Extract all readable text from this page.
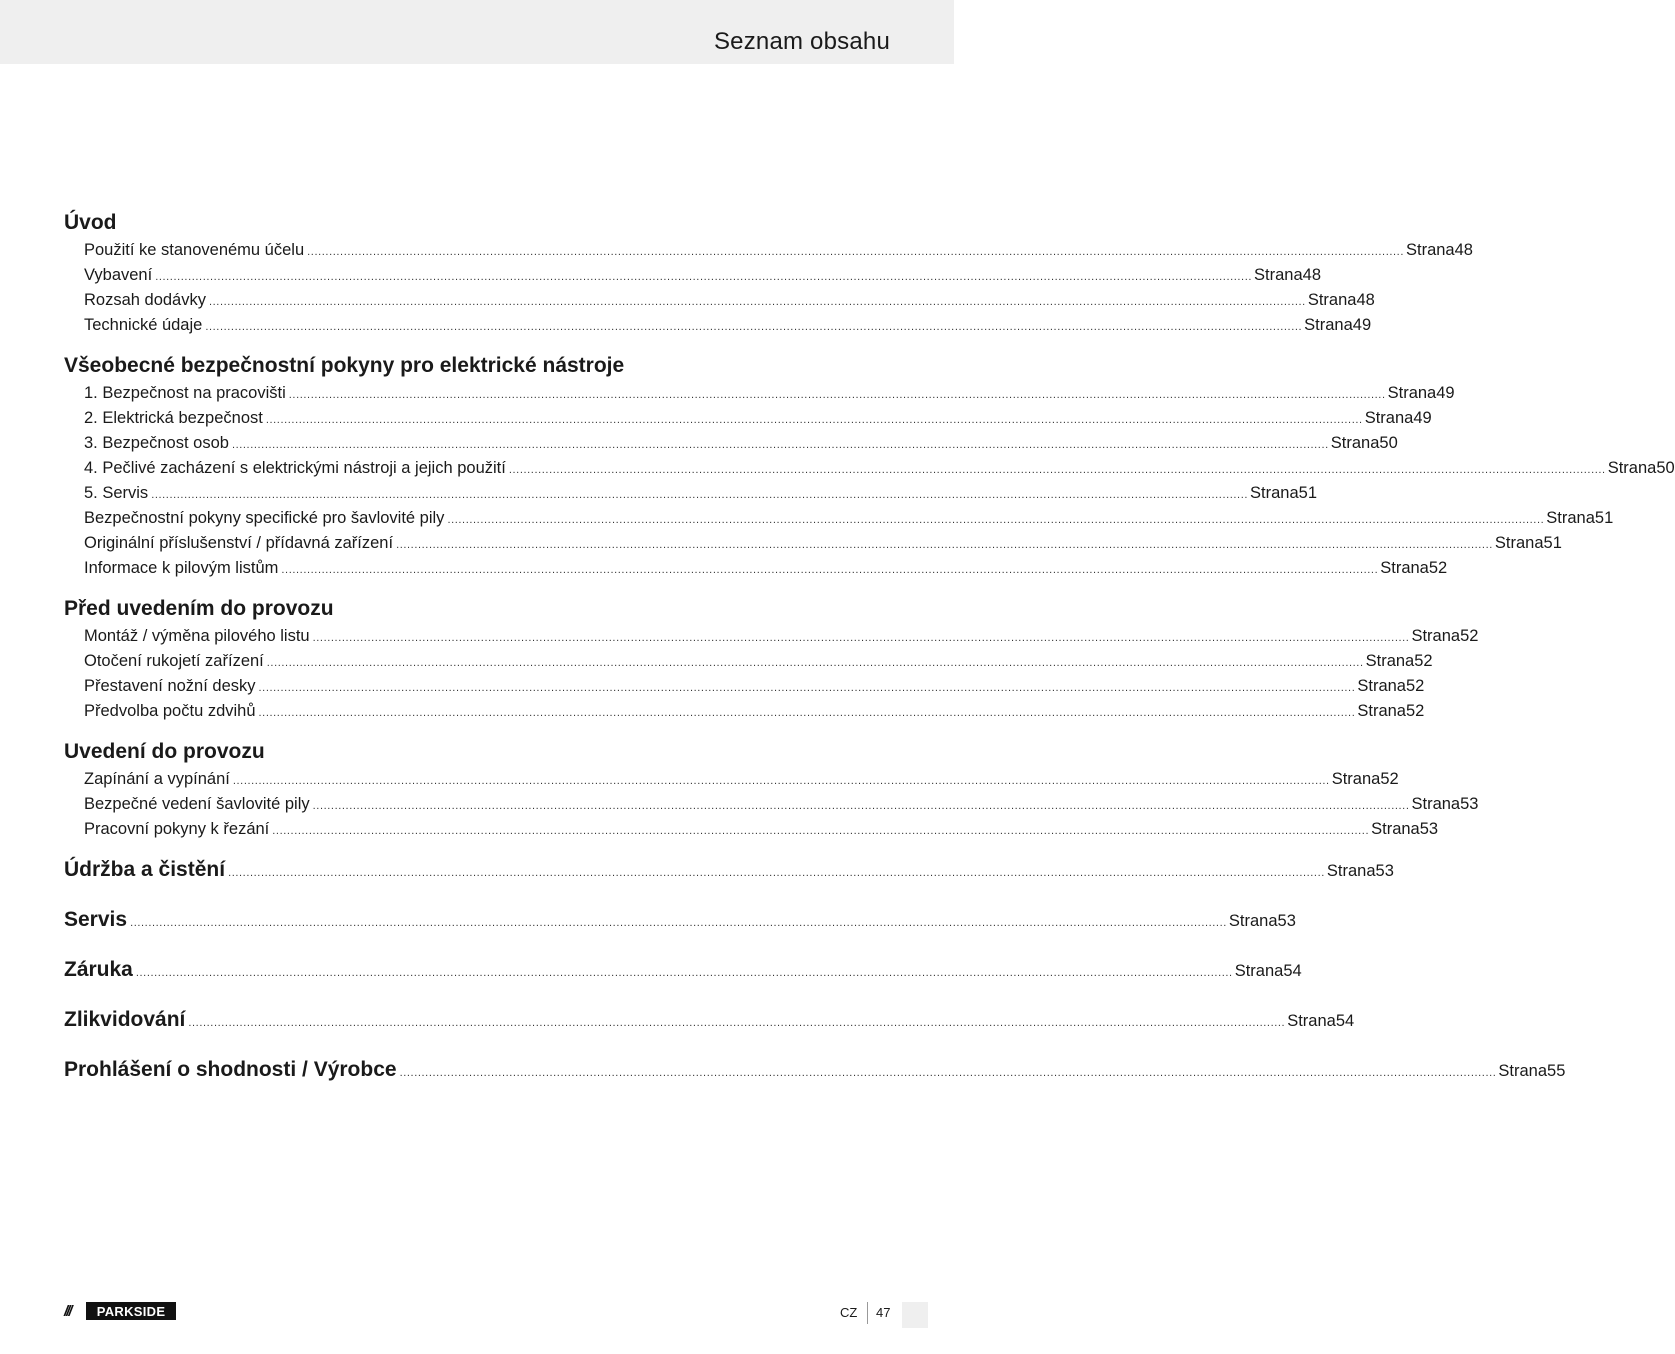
Seznam obsahu
Úvod
Použití ke stanovenému účelu ............................................................................................................................................................................................................................................................................................................ Strana 48
Vybavení ............................................................................................................................................................................................................................................................................................................ Strana 48
Rozsah dodávky ............................................................................................................................................................................................................................................................................................................ Strana 48
Technické údaje ............................................................................................................................................................................................................................................................................................................ Strana 49
Všeobecné bezpečnostní pokyny pro elektrické nástroje
1. Bezpečnost na pracovišti ............................................................................................................................................................................................................................................................................................................ Strana 49
2. Elektrická bezpečnost ............................................................................................................................................................................................................................................................................................................ Strana 49
3. Bezpečnost osob ............................................................................................................................................................................................................................................................................................................ Strana 50
4. Pečlivé zacházení s elektrickými nástroji a jejich použití ............................................................................................................................................................................................................................................................................................................ Strana 50
5. Servis ............................................................................................................................................................................................................................................................................................................ Strana 51
Bezpečnostní pokyny specifické pro šavlovité pily ............................................................................................................................................................................................................................................................................................................ Strana 51
Originální příslušenství / přídavná zařízení ............................................................................................................................................................................................................................................................................................................ Strana 51
Informace k pilovým listům ............................................................................................................................................................................................................................................................................................................ Strana 52
Před uvedením do provozu
Montáž / výměna pilového listu ............................................................................................................................................................................................................................................................................................................ Strana 52
Otočení rukojetí zařízení ............................................................................................................................................................................................................................................................................................................ Strana 52
Přestavení nožní desky ............................................................................................................................................................................................................................................................................................................ Strana 52
Předvolba počtu zdvihů ............................................................................................................................................................................................................................................................................................................ Strana 52
Uvedení do provozu
Zapínání a vypínání ............................................................................................................................................................................................................................................................................................................ Strana 52
Bezpečné vedení šavlovité pily ............................................................................................................................................................................................................................................................................................................ Strana 53
Pracovní pokyny k řezání ............................................................................................................................................................................................................................................................................................................ Strana 53
Údržba a čistění ............................................................................................................................................................................................................................................................................................................ Strana 53
Servis ............................................................................................................................................................................................................................................................................................................ Strana 53
Záruka ............................................................................................................................................................................................................................................................................................................ Strana 54
Zlikvidování ............................................................................................................................................................................................................................................................................................................ Strana 54
Prohlášení o shodnosti / Výrobce ............................................................................................................................................................................................................................................................................................................ Strana 55
///	PARKSIDE	CZ 47
